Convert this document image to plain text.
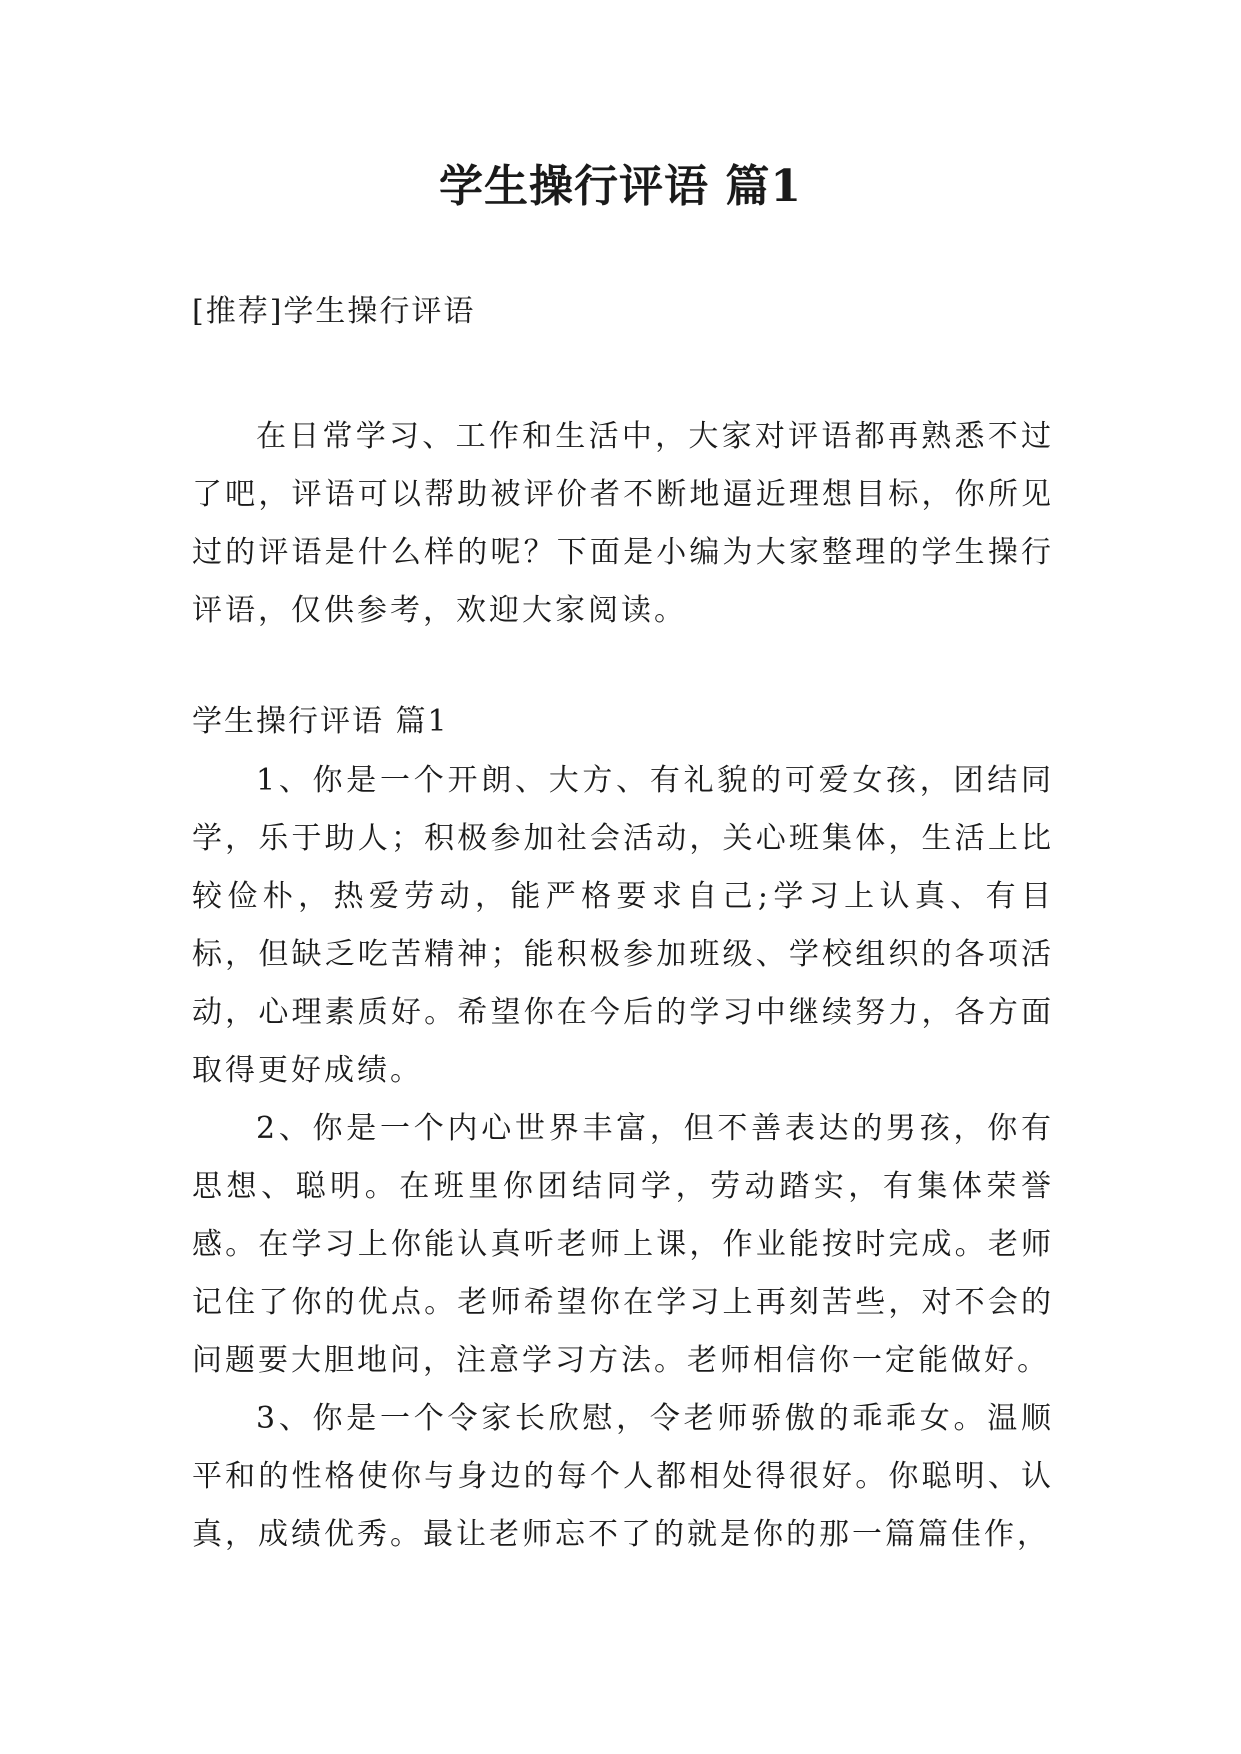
学生操行评语 篇1
[推荐]学生操行评语

在日常学习、工作和生活中，大家对评语都再熟悉不过了吧，评语可以帮助被评价者不断地逼近理想目标，你所见过的评语是什么样的呢？下面是小编为大家整理的学生操行评语，仅供参考，欢迎大家阅读。

学生操行评语 篇1

1、你是一个开朗、大方、有礼貌的可爱女孩，团结同学，乐于助人；积极参加社会活动，关心班集体，生活上比较俭朴，热爱劳动，能严格要求自己;学习上认真、有目标，但缺乏吃苦精神；能积极参加班级、学校组织的各项活动，心理素质好。希望你在今后的学习中继续努力，各方面取得更好成绩。

2、你是一个内心世界丰富，但不善表达的男孩，你有思想、聪明。在班里你团结同学，劳动踏实，有集体荣誉感。在学习上你能认真听老师上课，作业能按时完成。老师记住了你的优点。老师希望你在学习上再刻苦些，对不会的问题要大胆地问，注意学习方法。老师相信你一定能做好。

3、你是一个令家长欣慰，令老师骄傲的乖乖女。温顺平和的性格使你与身边的每个人都相处得很好。你聪明、认真，成绩优秀。最让老师忘不了的就是你的那一篇篇佳作，
